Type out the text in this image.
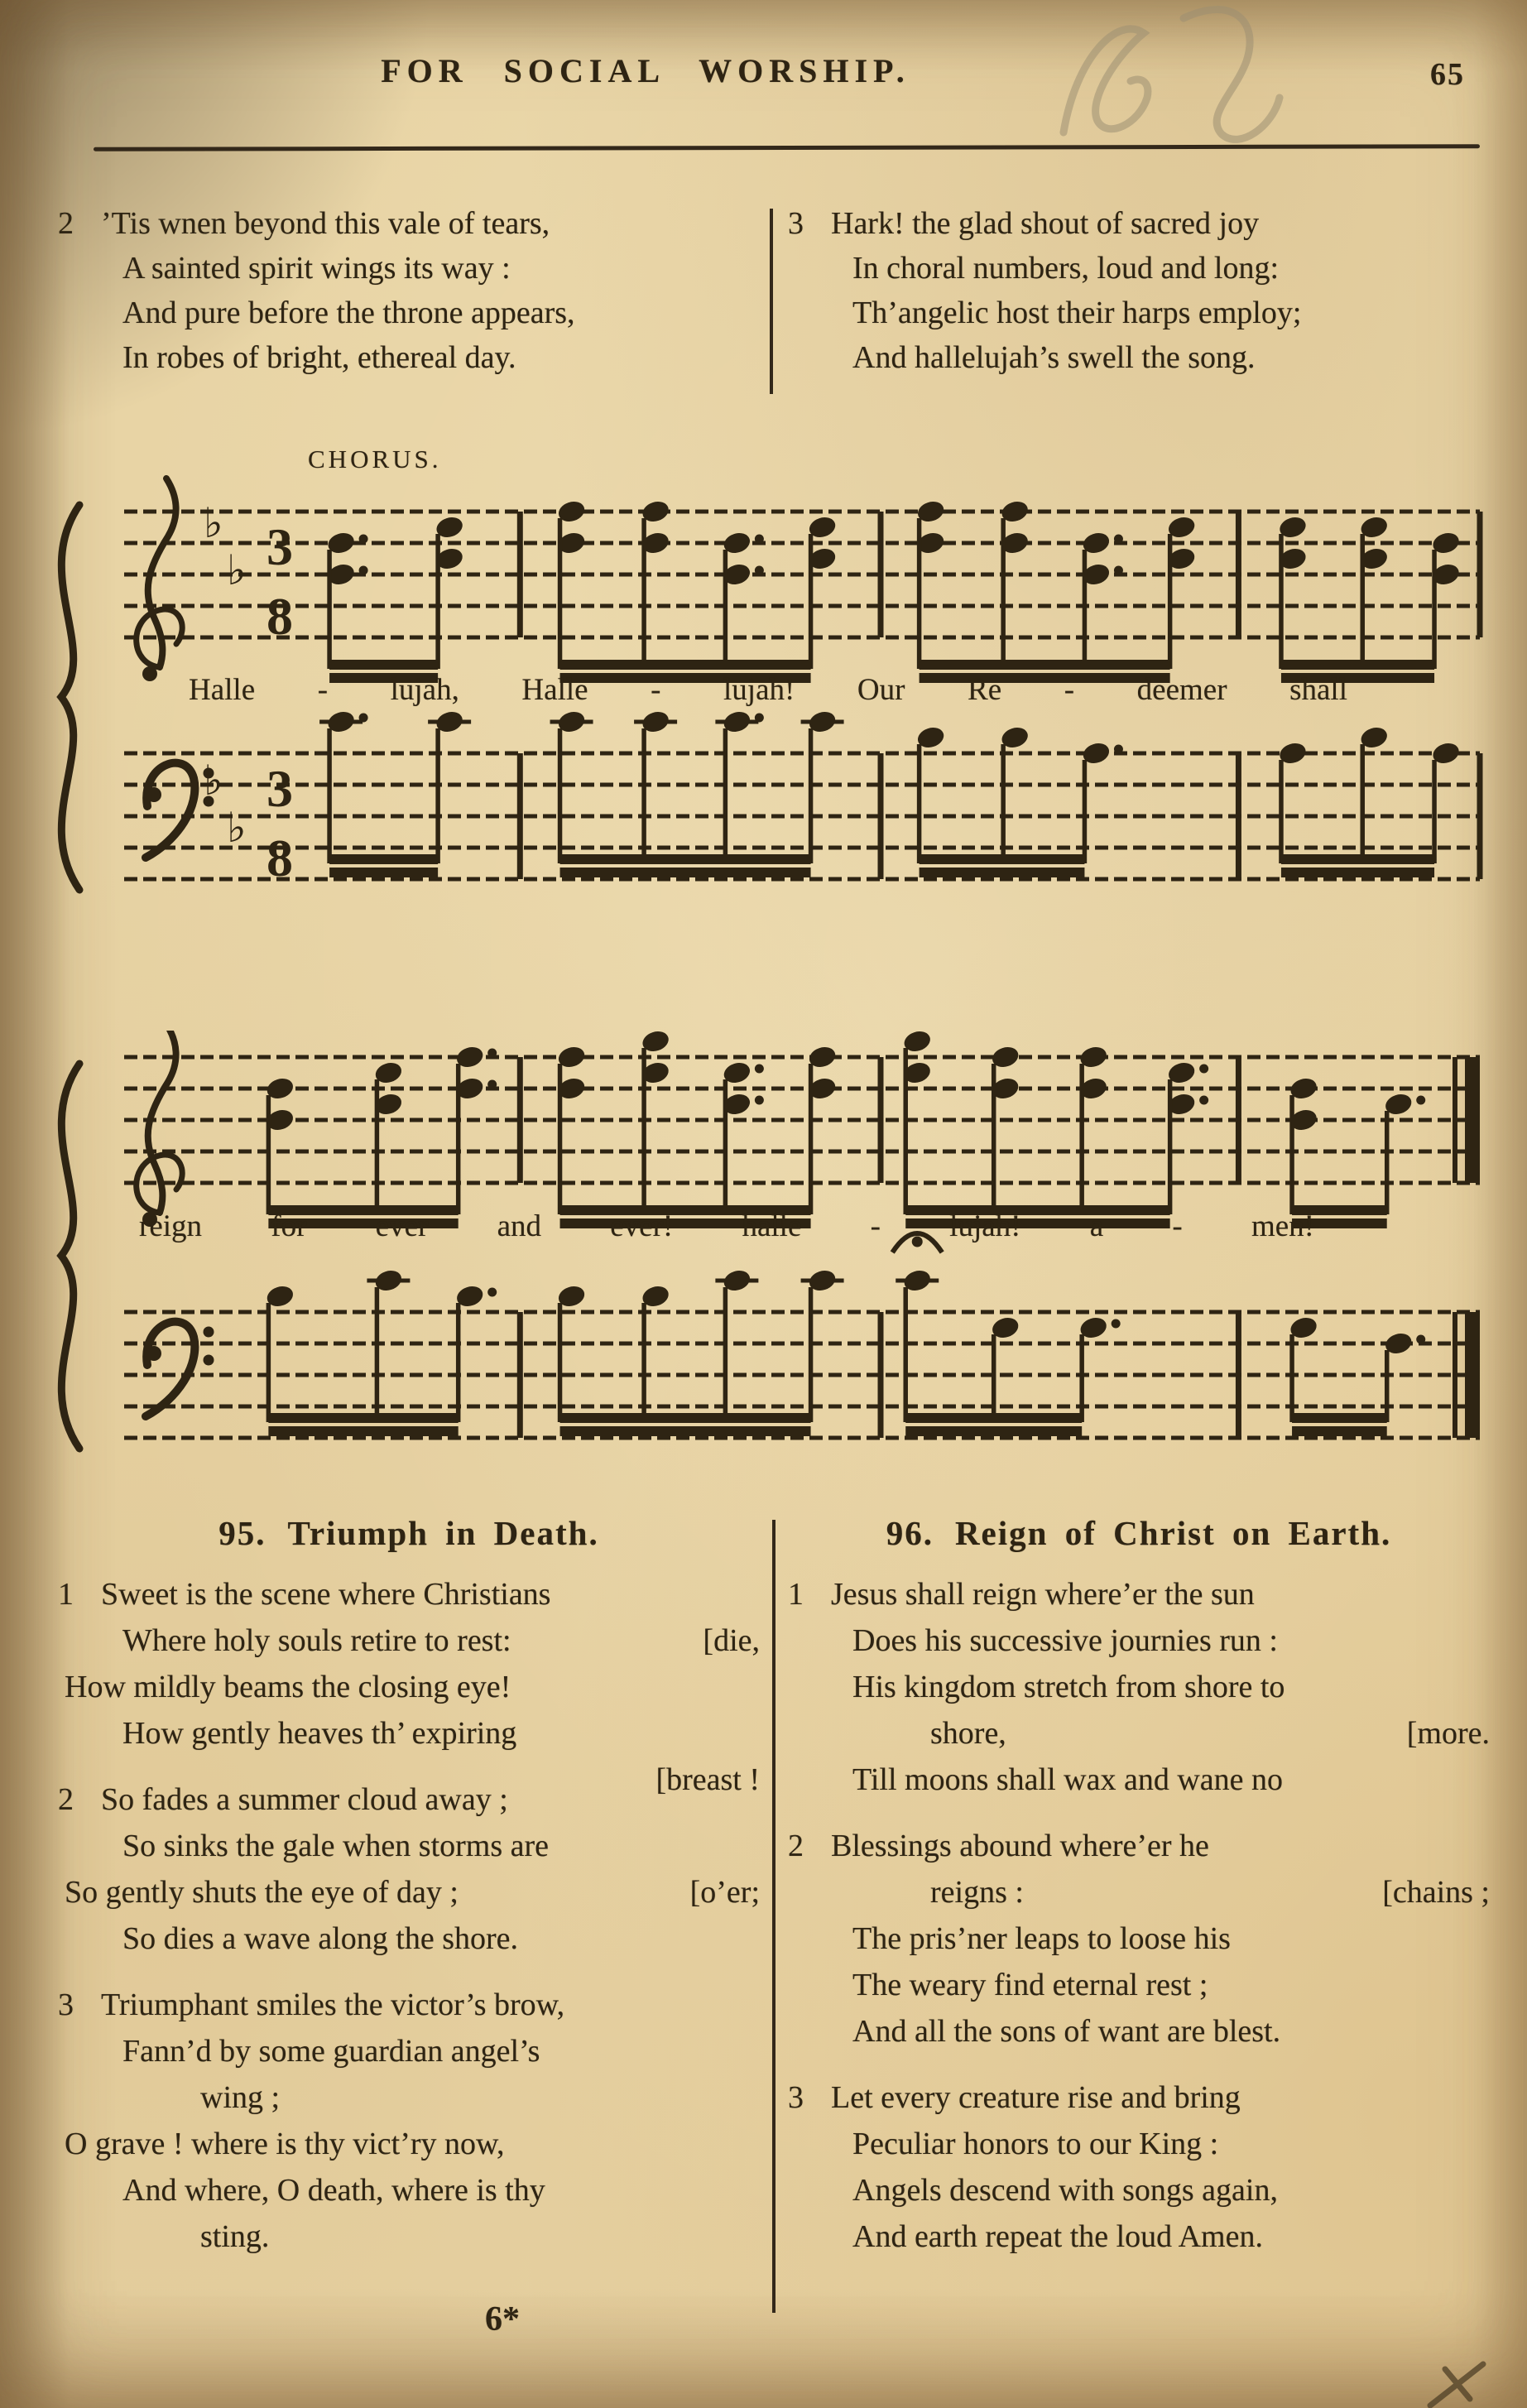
FOR SOCIAL WORSHIP.	65
2 ’Tis wnen beyond this vale of tears,
A sainted spirit wings its way :
And pure before the throne appears,
In robes of bright, ethereal day.
3 Hark! the glad shout of sacred joy
In choral numbers, loud and long:
Th’angelic host their harps employ;
And hallelujah’s swell the song.
CHORUS.
♭
♭ 3
8
♭
♭
3
8
Halle - lujah, Halle - lujah! Our Re - deemer shall
reign for ever and ever! halle - lujah! a - men!
95. Triumph in Death.	96. Reign of Christ on Earth.
1 Sweet is the scene where Christians
Where holy souls retire to rest:	[die,
How mildly beams the closing eye!
How gently heaves th’ expiring
[breast !
2 So fades a summer cloud away ;
So sinks the gale when storms are
So gently shuts the eye of day ;	[o’er;
So dies a wave along the shore.
3 Triumphant smiles the victor’s brow,
Fann’d by some guardian angel’s
wing ;
O grave ! where is thy vict’ry now,
And where, O death, where is thy
sting.
1 Jesus shall reign where’er the sun
Does his successive journies run :
His kingdom stretch from shore to
shore,	[more.
Till moons shall wax and wane no
2 Blessings abound where’er he
reigns :	[chains ;
The pris’ner leaps to loose his
The weary find eternal rest ;
And all the sons of want are blest.
3 Let every creature rise and bring
Peculiar honors to our King :
Angels descend with songs again,
And earth repeat the loud Amen.
6*
